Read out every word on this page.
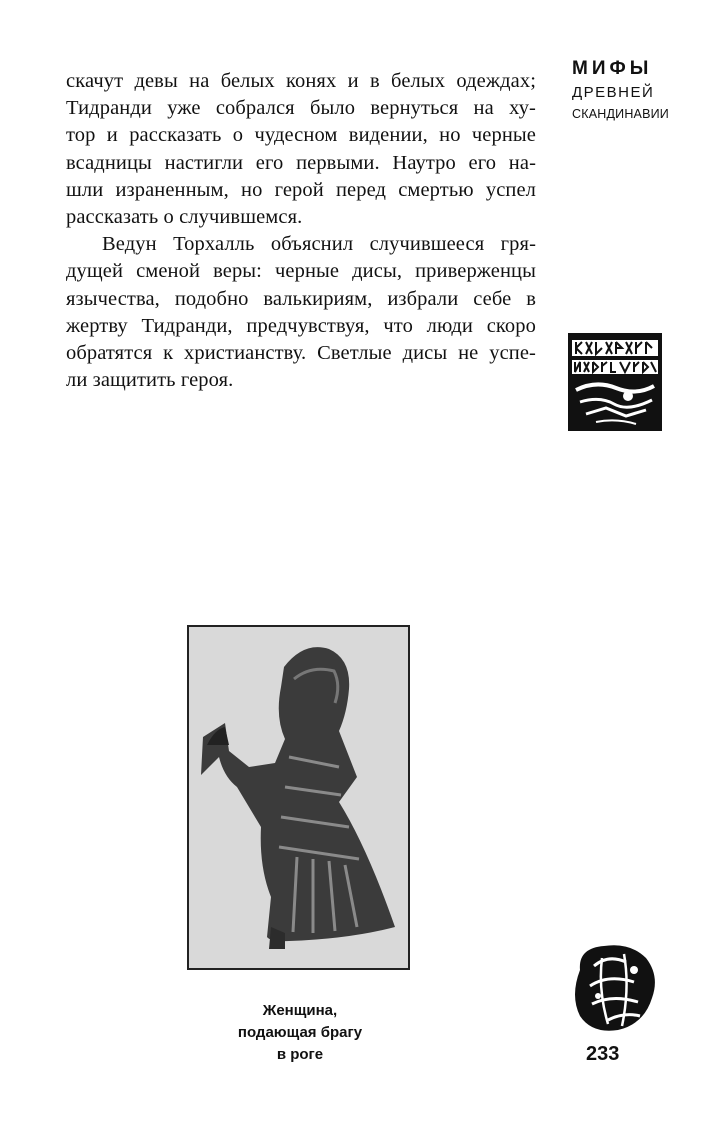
МИФЫ
ДРЕВНЕЙ
СКАНДИНАВИИ
скачут девы на белых конях и в белых одеждах;
Тидранди уже собрался было вернуться на ху-
тор и рассказать о чудесном видении, но черные
всадницы настигли его первыми. Наутро его на-
шли израненным, но герой перед смертью успел
рассказать о случившемся.
Ведун Торхалль объяснил случившееся гря-
дущей сменой веры: черные дисы, приверженцы
язычества, подобно валькириям, избрали себе в
жертву Тидранди, предчувствуя, что люди скоро
обратятся к христианству. Светлые дисы не успе-
ли защитить героя.
Женщина,
подающая брагу
в роге	233
